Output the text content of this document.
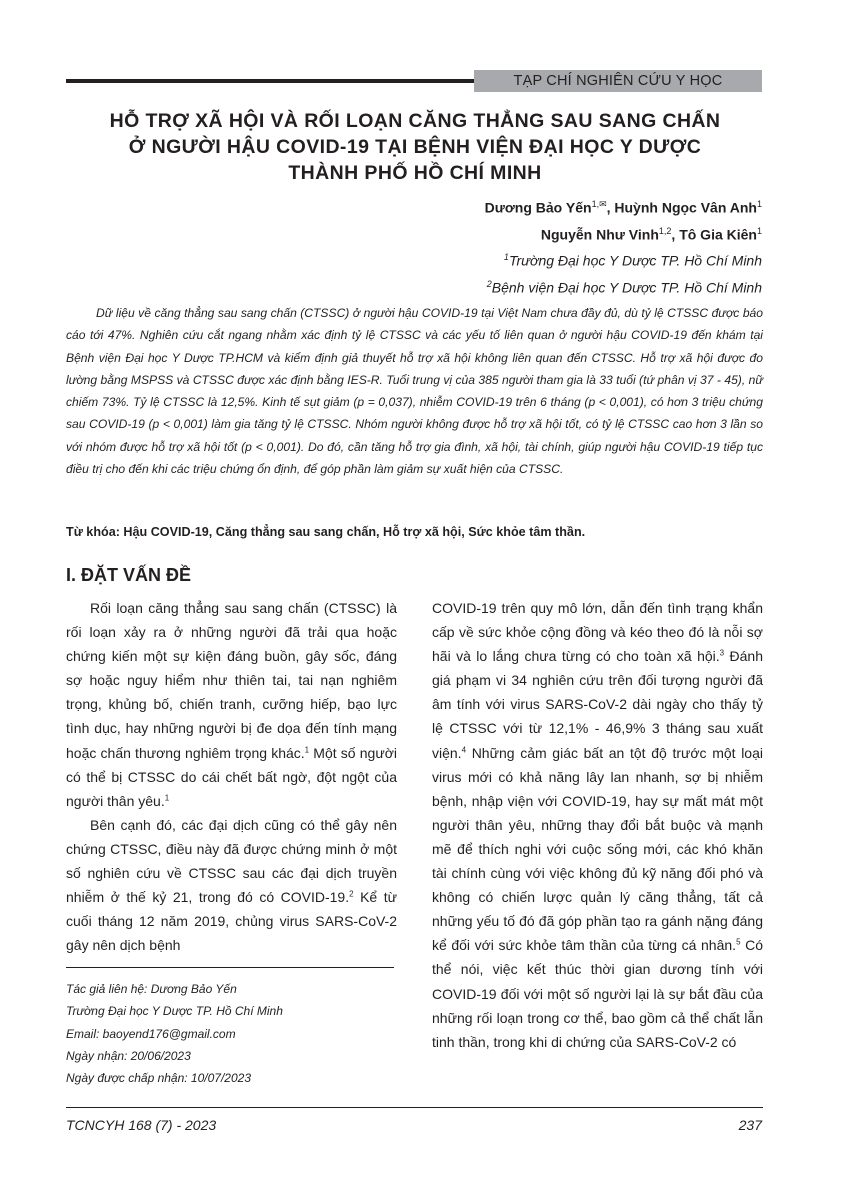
TẠP CHÍ NGHIÊN CỨU Y HỌC
HỖ TRỢ XÃ HỘI VÀ RỐI LOẠN CĂNG THẲNG SAU SANG CHẤN
Ở NGƯỜI HẬU COVID-19 TẠI BỆNH VIỆN ĐẠI HỌC Y DƯỢC
THÀNH PHỐ HỒ CHÍ MINH
Dương Bảo Yến$^{1,✉}$, Huỳnh Ngọc Vân Anh$^1$
Nguyễn Như Vinh$^{1,2}$, Tô Gia Kiên$^1$
$^1$Trường Đại học Y Dược TP. Hồ Chí Minh
$^2$Bệnh viện Đại học Y Dược TP. Hồ Chí Minh
Dữ liệu về căng thẳng sau sang chấn (CTSSC) ở người hậu COVID-19 tại Việt Nam chưa đầy đủ, dù tỷ lệ CTSSC được báo cáo tới 47%. Nghiên cứu cắt ngang nhằm xác định tỷ lệ CTSSC và các yếu tố liên quan ở người hậu COVID-19 đến khám tại Bệnh viện Đại học Y Dược TP.HCM và kiểm định giả thuyết hỗ trợ xã hội không liên quan đến CTSSC. Hỗ trợ xã hội được đo lường bằng MSPSS và CTSSC được xác định bằng IES-R. Tuổi trung vị của 385 người tham gia là 33 tuổi (tứ phân vị 37 - 45), nữ chiếm 73%. Tỷ lệ CTSSC là 12,5%. Kinh tế sụt giảm (p = 0,037), nhiễm COVID-19 trên 6 tháng (p < 0,001), có hơn 3 triệu chứng sau COVID-19 (p < 0,001) làm gia tăng tỷ lệ CTSSC. Nhóm người không được hỗ trợ xã hội tốt, có tỷ lệ CTSSC cao hơn 3 lần so với nhóm được hỗ trợ xã hội tốt (p < 0,001). Do đó, cần tăng hỗ trợ gia đình, xã hội, tài chính, giúp người hậu COVID-19 tiếp tục điều trị cho đến khi các triệu chứng ổn định, để góp phần làm giảm sự xuất hiện của CTSSC.
Từ khóa: Hậu COVID-19, Căng thẳng sau sang chấn, Hỗ trợ xã hội, Sức khỏe tâm thần.
I. ĐẶT VẤN ĐỀ

Rối loạn căng thẳng sau sang chấn (CTSSC) là rối loạn xảy ra ở những người đã trải qua hoặc chứng kiến một sự kiện đáng buồn, gây sốc, đáng sợ hoặc nguy hiểm như thiên tai, tai nạn nghiêm trọng, khủng bố, chiến tranh, cưỡng hiếp, bạo lực tình dục, hay những người bị đe dọa đến tính mạng hoặc chấn thương nghiêm trọng khác.$^1$ Một số người có thể bị CTSSC do cái chết bất ngờ, đột ngột của người thân yêu.$^1$

Bên cạnh đó, các đại dịch cũng có thể gây nên chứng CTSSC, điều này đã được chứng minh ở một số nghiên cứu về CTSSC sau các đại dịch truyền nhiễm ở thế kỷ 21, trong đó có COVID-19.$^2$ Kể từ cuối tháng 12 năm 2019, chủng virus SARS-CoV-2 gây nên dịch bệnh

COVID-19 trên quy mô lớn, dẫn đến tình trạng khẩn cấp về sức khỏe cộng đồng và kéo theo đó là nỗi sợ hãi và lo lắng chưa từng có cho toàn xã hội.$^3$ Đánh giá phạm vi 34 nghiên cứu trên đối tượng người đã âm tính với virus SARS-CoV-2 dài ngày cho thấy tỷ lệ CTSSC với từ 12,1% - 46,9% 3 tháng sau xuất viện.$^4$ Những cảm giác bất an tột độ trước một loại virus mới có khả năng lây lan nhanh, sợ bị nhiễm bệnh, nhập viện với COVID-19, hay sự mất mát một người thân yêu, những thay đổi bắt buộc và mạnh mẽ để thích nghi với cuộc sống mới, các khó khăn tài chính cùng với việc không đủ kỹ năng đối phó và không có chiến lược quản lý căng thẳng, tất cả những yếu tố đó đã góp phần tạo ra gánh nặng đáng kể đối với sức khỏe tâm thần của từng cá nhân.$^5$ Có thể nói, việc kết thúc thời gian dương tính với COVID-19 đối với một số người lại là sự bắt đầu của những rối loạn trong cơ thể, bao gồm cả thể chất lẫn tinh thần, trong khi di chứng của SARS-CoV-2 có

Tác giả liên hệ: Dương Bảo Yến
Trường Đại học Y Dược TP. Hồ Chí Minh
Email: baoyend176@gmail.com
Ngày nhận: 20/06/2023
Ngày được chấp nhận: 10/07/2023
TCNCYH 168 (7) - 2023	237
